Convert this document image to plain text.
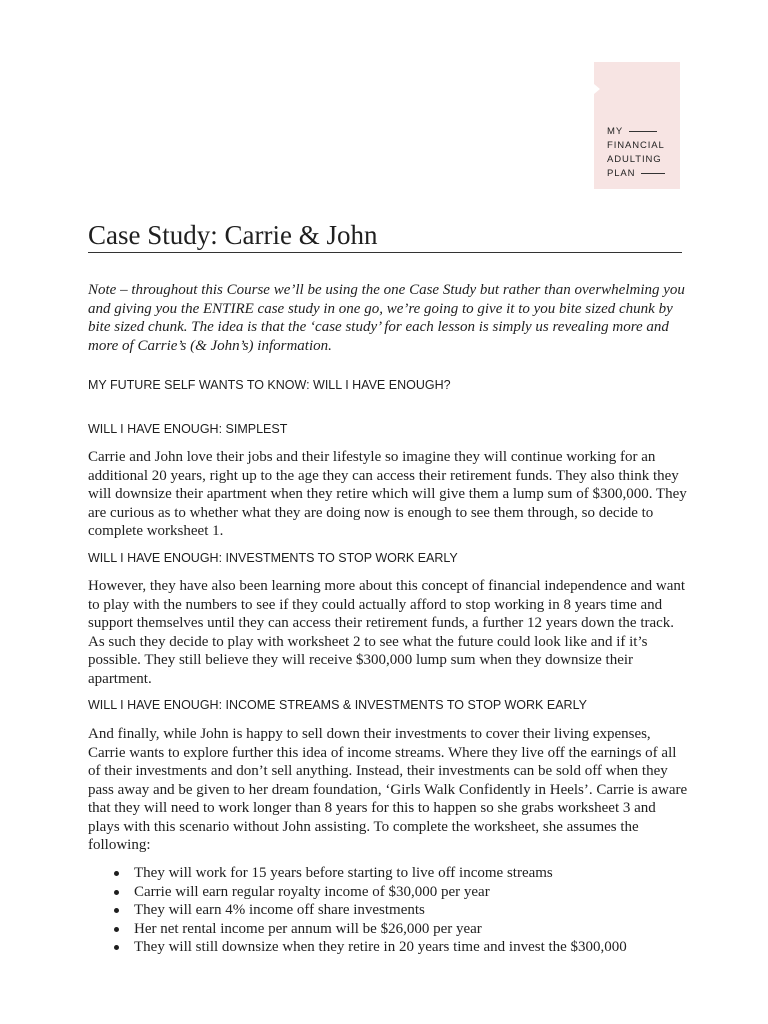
MY
FINANCIAL
ADULTING
PLAN
Case Study: Carrie & John

Note – throughout this Course we’ll be using the one Case Study but rather than overwhelming you and giving you the ENTIRE case study in one go, we’re going to give it to you bite sized chunk by bite sized chunk. The idea is that the ‘case study’ for each lesson is simply us revealing more and more of Carrie’s (& John’s) information.

MY FUTURE SELF WANTS TO KNOW: WILL I HAVE ENOUGH?
WILL I HAVE ENOUGH: SIMPLEST

Carrie and John love their jobs and their lifestyle so imagine they will continue working for an additional 20 years, right up to the age they can access their retirement funds. They also think they will downsize their apartment when they retire which will give them a lump sum of $300,000. They are curious as to whether what they are doing now is enough to see them through, so decide to complete worksheet 1.

WILL I HAVE ENOUGH: INVESTMENTS TO STOP WORK EARLY

However, they have also been learning more about this concept of financial independence and want to play with the numbers to see if they could actually afford to stop working in 8 years time and support themselves until they can access their retirement funds, a further 12 years down the track. As such they decide to play with worksheet 2 to see what the future could look like and if it’s possible. They still believe they will receive $300,000 lump sum when they downsize their apartment.

WILL I HAVE ENOUGH: INCOME STREAMS & INVESTMENTS TO STOP WORK EARLY

And finally, while John is happy to sell down their investments to cover their living expenses, Carrie wants to explore further this idea of income streams. Where they live off the earnings of all of their investments and don’t sell anything. Instead, their investments can be sold off when they pass away and be given to her dream foundation, ‘Girls Walk Confidently in Heels’. Carrie is aware that they will need to work longer than 8 years for this to happen so she grabs worksheet 3 and plays with this scenario without John assisting. To complete the worksheet, she assumes the following:

They will work for 15 years before starting to live off income streams
Carrie will earn regular royalty income of $30,000 per year
They will earn 4% income off share investments
Her net rental income per annum will be $26,000 per year
They will still downsize when they retire in 20 years time and invest the $300,000
